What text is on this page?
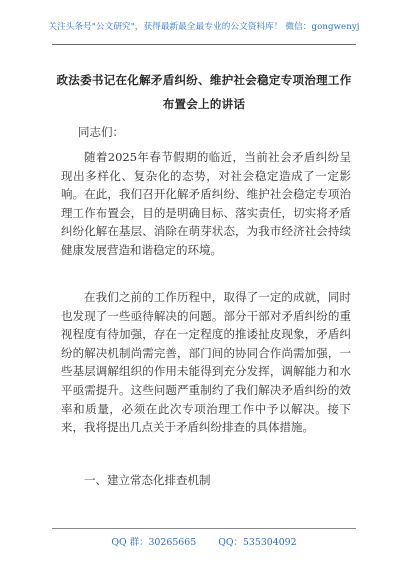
关注头条号"公文研究"，获得最新最全最专业的公文资料库！ 微信：gongwenyj
政法委书记在化解矛盾纠纷、维护社会稳定专项治理工作
布置会上的讲话
同志们：

随着2025年春节假期的临近，当前社会矛盾纠纷呈现出多样化、复杂化的态势，对社会稳定造成了一定影响。在此，我们召开化解矛盾纠纷、维护社会稳定专项治理工作布置会，目的是明确目标、落实责任，切实将矛盾纠纷化解在基层、消除在萌芽状态，为我市经济社会持续健康发展营造和谐稳定的环境。

在我们之前的工作历程中，取得了一定的成就，同时也发现了一些亟待解决的问题。部分干部对矛盾纠纷的重视程度有待加强，存在一定程度的推诿扯皮现象，矛盾纠纷的解决机制尚需完善，部门间的协同合作尚需加强，一些基层调解组织的作用未能得到充分发挥，调解能力和水平亟需提升。这些问题严重制约了我们解决矛盾纠纷的效率和质量，必须在此次专项治理工作中予以解决。接下来，我将提出几点关于矛盾纠纷排查的具体措施。

一、建立常态化排查机制
QQ 群：30265665 QQ：535304092
